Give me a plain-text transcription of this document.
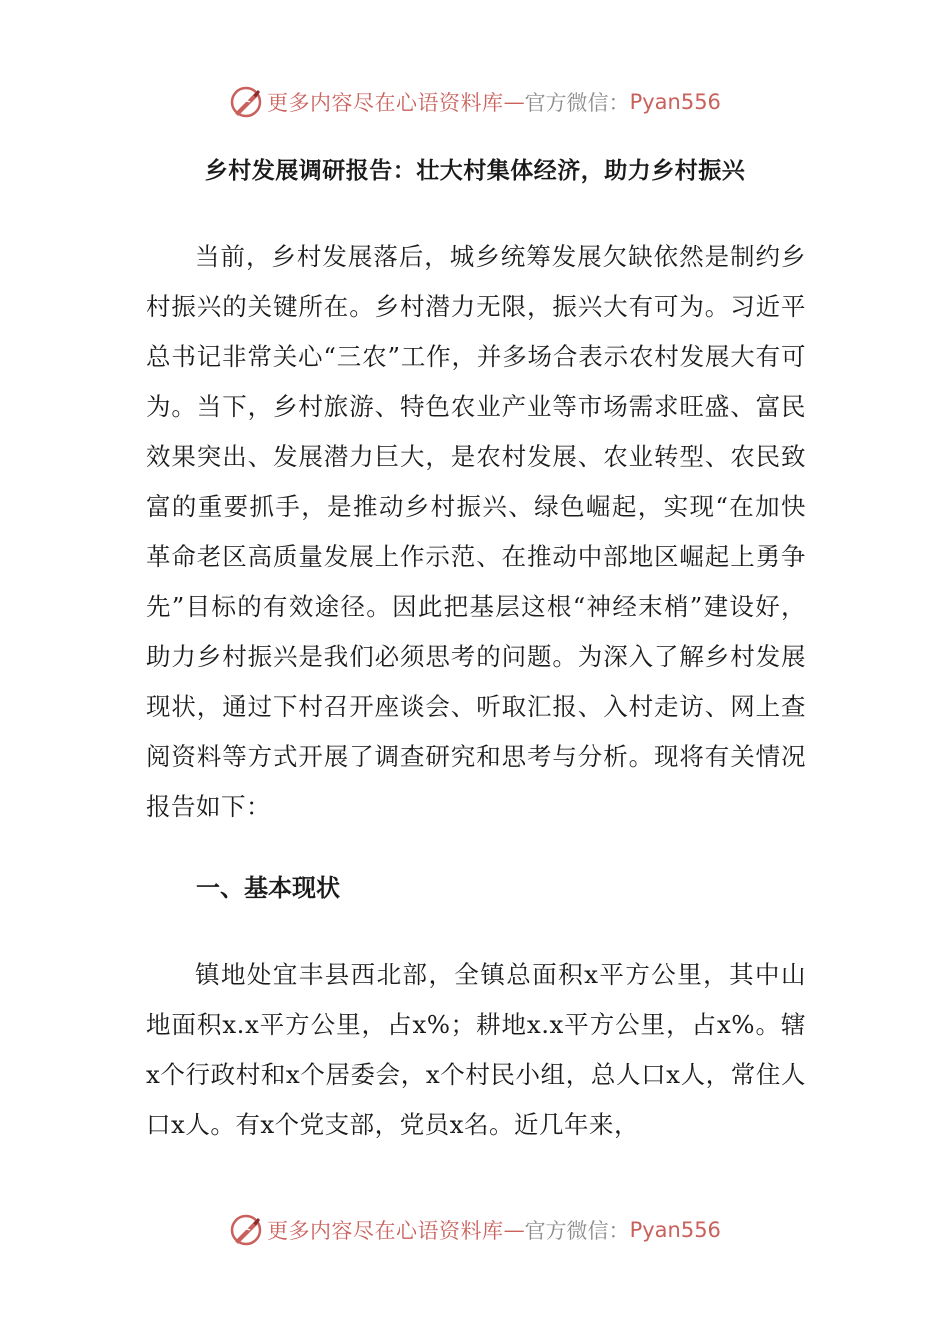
更多内容尽在心语资料库 — 官方微信： Pyan556
乡村发展调研报告：壮大村集体经济，助力乡村振兴

当前，乡村发展落后，城乡统筹发展欠缺依然是制约乡村振兴的关键所在。乡村潜力无限，振兴大有可为。习近平总书记非常关心“三农”工作，并多场合表示农村发展大有可为。当下，乡村旅游、特色农业产业等市场需求旺盛、富民效果突出、发展潜力巨大，是农村发展、农业转型、农民致富的重要抓手，是推动乡村振兴、绿色崛起，实现“在加快革命老区高质量发展上作示范、在推动中部地区崛起上勇争先”目标的有效途径。因此把基层这根“神经末梢”建设好，助力乡村振兴是我们必须思考的问题。为深入了解乡村发展现状，通过下村召开座谈会、听取汇报、入村走访、网上查阅资料等方式开展了调查研究和思考与分析。现将有关情况报告如下：

一、基本现状

镇地处宜丰县西北部，全镇总面积x平方公里，其中山地面积x.x平方公里，占x%；耕地x.x平方公里，占x%。辖x个行政村和x个居委会，x个村民小组，总人口x人，常住人口x人。有x个党支部，党员x名。近几年来，

更多内容尽在心语资料库 — 官方微信： Pyan556
